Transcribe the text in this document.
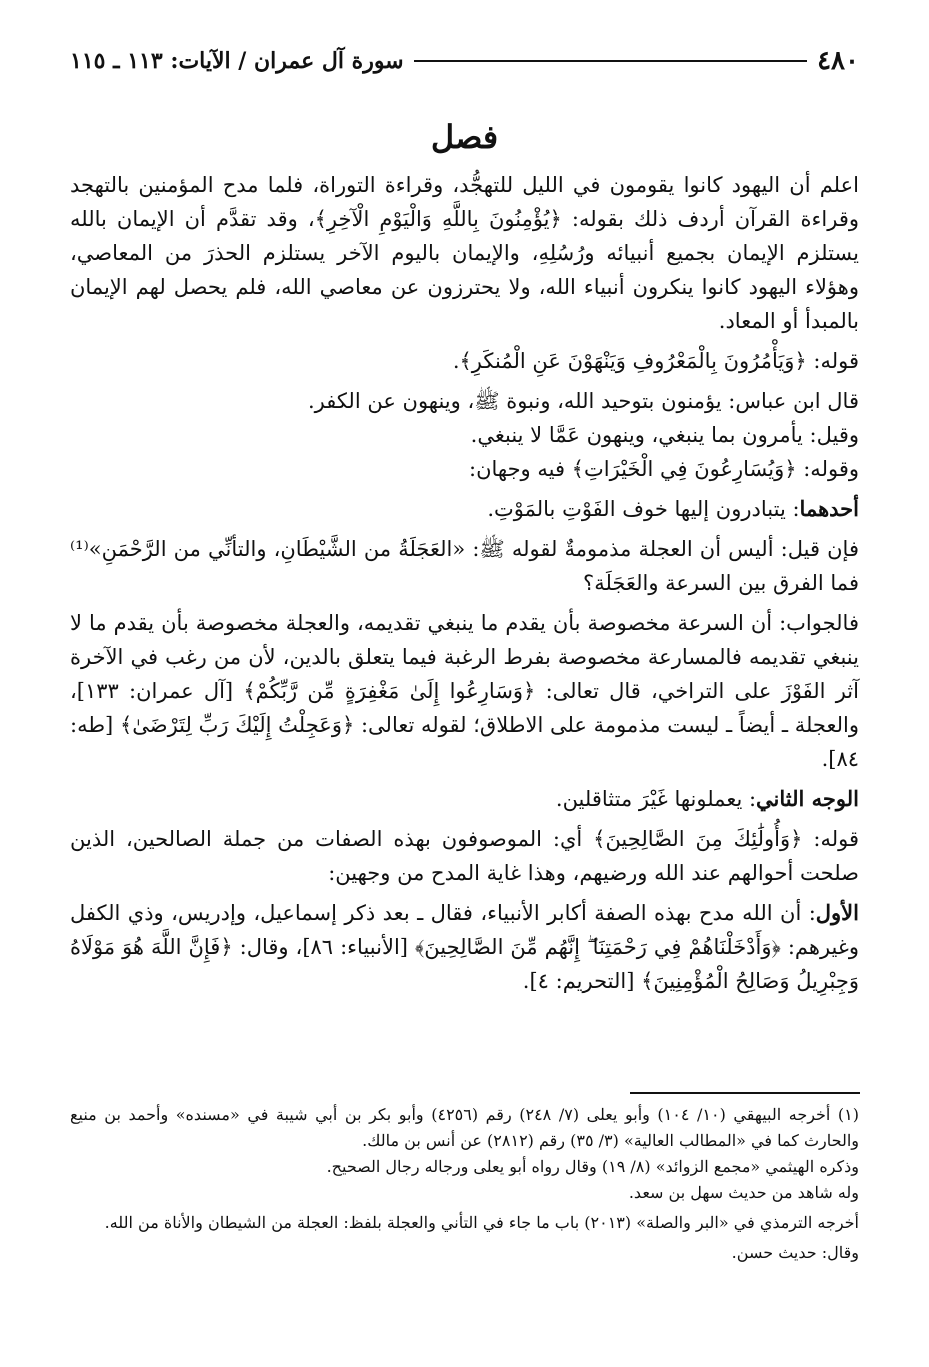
٤٨٠
سورة آل عمران / الآيات: ١١٣ ـ ١١٥
فصل

اعلم أن اليهود كانوا يقومون في الليل للتهجُّد، وقراءة التوراة، فلما مدح المؤمنين بالتهجد وقراءة القرآن أردف ذلك بقوله: ﴿يُؤْمِنُونَ بِاللَّهِ وَالْيَوْمِ الْآخِرِ﴾، وقد تقدَّم أن الإيمان بالله يستلزم الإيمان بجميع أنبيائه ورُسُلِهِ، والإيمان باليوم الآخر يستلزم الحذرَ من المعاصي، وهؤلاء اليهود كانوا ينكرون أنبياء الله، ولا يحترزون عن معاصي الله، فلم يحصل لهم الإيمان بالمبدأ أو المعاد.

قوله: ﴿وَيَأْمُرُونَ بِالْمَعْرُوفِ وَيَنْهَوْنَ عَنِ الْمُنكَرِ﴾.

قال ابن عباس: يؤمنون بتوحيد الله، ونبوة ﷺ، وينهون عن الكفر.

وقيل: يأمرون بما ينبغي، وينهون عَمَّا لا ينبغي.

وقوله: ﴿وَيُسَارِعُونَ فِي الْخَيْرَاتِ﴾ فيه وجهان:

أحدهما: يتبادرون إليها خوف الفَوْتِ بالمَوْتِ.

فإن قيل: أليس أن العجلة مذمومةٌ لقوله ﷺ: «العَجَلَةُ من الشَّيْطَانِ، والتأنِّي من الرَّحْمَنِ»⁽¹⁾ فما الفرق بين السرعة والعَجَلَة؟

فالجواب: أن السرعة مخصوصة بأن يقدم ما ينبغي تقديمه، والعجلة مخصوصة بأن يقدم ما لا ينبغي تقديمه فالمسارعة مخصوصة بفرط الرغبة فيما يتعلق بالدين، لأن من رغب في الآخرة آثر الفَوْزَ على التراخي، قال تعالى: ﴿وَسَارِعُوا إِلَىٰ مَغْفِرَةٍ مِّن رَّبِّكُمْ﴾ [آل عمران: ١٣٣]، والعجلة ـ أيضاً ـ ليست مذمومة على الاطلاق؛ لقوله تعالى: ﴿وَعَجِلْتُ إِلَيْكَ رَبِّ لِتَرْضَىٰ﴾ [طه: ٨٤].

الوجه الثاني: يعملونها غَيْرَ متثاقلين.

قوله: ﴿وَأُولَٰئِكَ مِنَ الصَّالِحِينَ﴾ أي: الموصوفون بهذه الصفات من جملة الصالحين، الذين صلحت أحوالهم عند الله ورضيهم، وهذا غاية المدح من وجهين:

الأول: أن الله مدح بهذه الصفة أكابر الأنبياء، فقال ـ بعد ذكر إسماعيل، وإدريس، وذي الكفل وغيرهم: ﴿وَأَدْخَلْنَاهُمْ فِي رَحْمَتِنَا ۖ إِنَّهُم مِّنَ الصَّالِحِينَ﴾ [الأنبياء: ٨٦]، وقال: ﴿فَإِنَّ اللَّهَ هُوَ مَوْلَاهُ وَجِبْرِيلُ وَصَالِحُ الْمُؤْمِنِينَ﴾ [التحريم: ٤].

(١) أخرجه البيهقي (١٠/ ١٠٤) وأبو يعلى (٧/ ٢٤٨) رقم (٤٢٥٦) وأبو بكر بن أبي شيبة في «مسنده» وأحمد بن منيع والحارث كما في «المطالب العالية» (٣/ ٣٥) رقم (٢٨١٢) عن أنس بن مالك.

وذكره الهيثمي «مجمع الزوائد» (٨/ ١٩) وقال رواه أبو يعلى ورجاله رجال الصحيح.

وله شاهد من حديث سهل بن سعد.

أخرجه الترمذي في «البر والصلة» (٢٠١٣) باب ما جاء في التأني والعجلة بلفظ: العجلة من الشيطان والأناة من الله.

وقال: حديث حسن.
